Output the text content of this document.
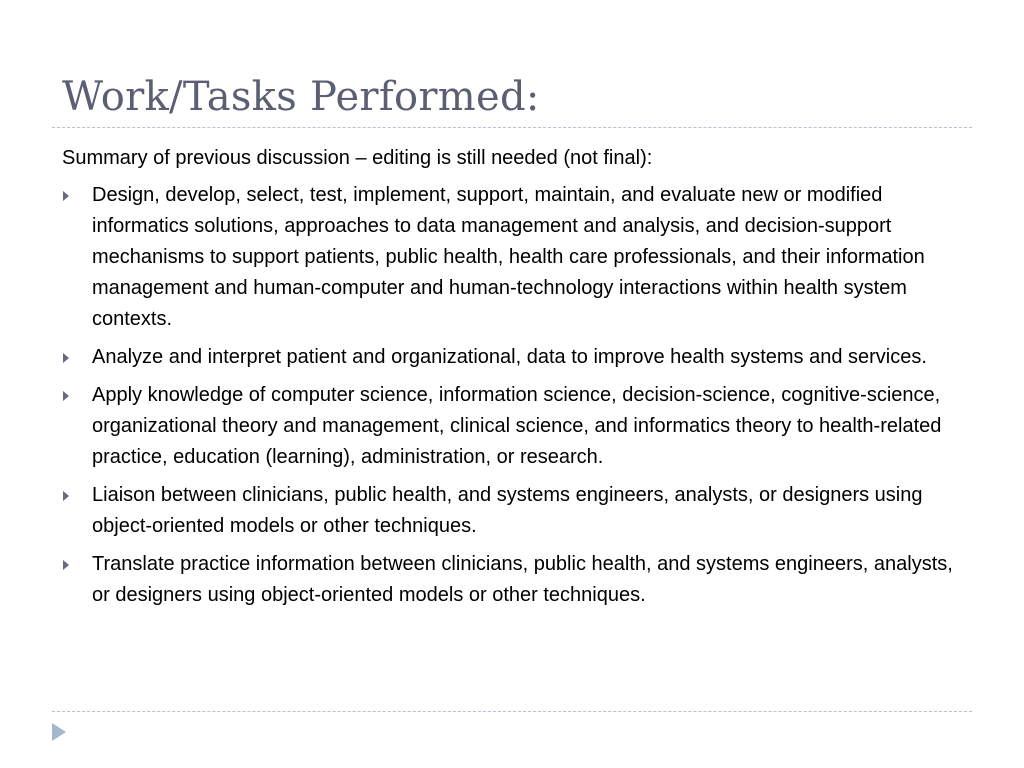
Work/Tasks Performed:

Summary of previous discussion – editing is still needed (not final):

Design, develop, select, test, implement, support, maintain, and evaluate new or modified informatics solutions, approaches to data management and analysis, and decision-support mechanisms to support patients, public health, health care professionals, and their information management and human-computer and human-technology interactions within health system contexts.
Analyze and interpret patient and organizational, data to improve health systems and services.
Apply knowledge of computer science, information science, decision-science, cognitive-science, organizational theory and management, clinical science, and informatics theory to health-related practice, education (learning), administration, or research.
Liaison between clinicians, public health, and systems engineers, analysts, or designers using object-oriented models or other techniques.
Translate practice information between clinicians, public health, and systems engineers, analysts, or designers using object-oriented models or other techniques.
